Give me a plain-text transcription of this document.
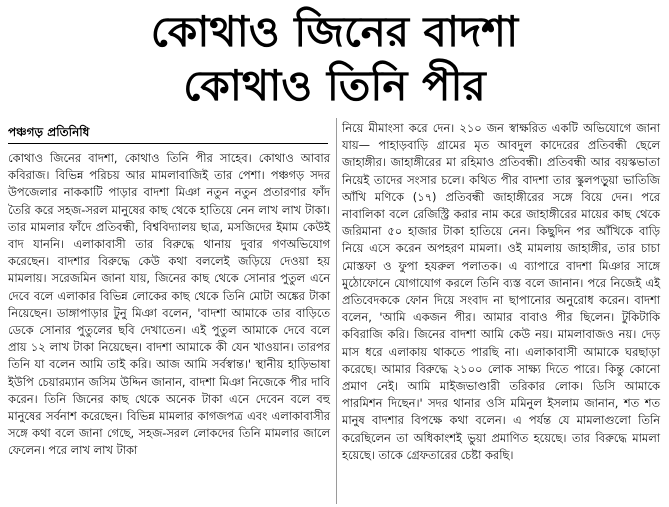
কোথাও জিনের বাদশা
কোথাও তিনি পীর
পঞ্চগড় প্রতিনিধি

কোথাও জিনের বাদশা, কোথাও তিনি পীর সাহেব। কোথাও আবার কবিরাজ। বিভিন্ন পরিচয় আর মামলাবাজিই তার পেশা। পঞ্চগড় সদর উপজেলার নাককাটি পাড়ার বাদশা মিঞা নতুন নতুন প্রতারণার ফাঁদ তৈরি করে সহজ-সরল মানুষের কাছ থেকে হাতিয়ে নেন লাখ লাখ টাকা। তার মামলার ফাঁদে প্রতিবন্ধী, বিশ্ববিদ্যালয় ছাত্র, মসজিদের ইমাম কেউই বাদ যাননি। এলাকাবাসী তার বিরুদ্ধে থানায় দুবার গণঅভিযোগ করেছেন। বাদশার বিরুদ্ধে কেউ কথা বললেই জড়িয়ে দেওয়া হয় মামলায়। সরেজমিন জানা যায়, জিনের কাছ থেকে সোনার পুতুল এনে দেবে বলে এলাকার বিভিন্ন লোকের কাছ থেকে তিনি মোটা অঙ্কের টাকা নিয়েছেন। ডাঙ্গাপাড়ার টুনু মিঞা বলেন, 'বাদশা আমাকে তার বাড়িতে ডেকে সোনার পুতুলের ছবি দেখাতেন। এই পুতুল আমাকে দেবে বলে প্রায় ১২ লাখ টাকা নিয়েছেন। বাদশা আমাকে কী যেন খাওয়ান। তারপর তিনি যা বলেন আমি তাই করি। আজ আমি সর্বস্বান্ত।' স্থানীয় হাড়িভাষা ইউপি চেয়ারম্যান জসিম উদ্দিন জানান, বাদশা মিঞা নিজেকে পীর দাবি করেন। তিনি জিনের কাছ থেকে অনেক টাকা এনে দেবেন বলে বহু মানুষের সর্বনাশ করেছেন। বিভিন্ন মামলার কাগজপত্র এবং এলাকাবাসীর সঙ্গে কথা বলে জানা গেছে, সহজ-সরল লোকদের তিনি মামলার জালে ফেলেন। পরে লাখ লাখ টাকা

নিয়ে মীমাংসা করে দেন। ২১০ জন স্বাক্ষরিত একটি অভিযোগে জানা যায়— পাহাড়বাড়ি গ্রামের মৃত আবদুল কাদেরের প্রতিবন্ধী ছেলে জাহাঙ্গীর। জাহাঙ্গীরের মা রহিমাও প্রতিবন্ধী। প্রতিবন্ধী আর বয়স্কভাতা নিয়েই তাদের সংসার চলে। কথিত পীর বাদশা তার স্কুলপড়ুয়া ভাতিজি আঁখি মণিকে (১৭) প্রতিবন্ধী জাহাঙ্গীরের সঙ্গে বিয়ে দেন। পরে নাবালিকা বলে রেজিস্ট্রি করার নাম করে জাহাঙ্গীরের মায়ের কাছ থেকে জরিমানা ৫০ হাজার টাকা হাতিয়ে নেন। কিছুদিন পর আঁখিকে বাড়ি নিয়ে এসে করেন অপহরণ মামলা। ওই মামলায় জাহাঙ্গীর, তার চাচা মোস্তফা ও ফুপা হযরুল পলাতক। এ ব্যাপারে বাদশা মিঞার সাঙ্গে মুঠোফোনে যোগাযোগ করলে তিনি ব্যস্ত বলে জানান। পরে নিজেই এই প্রতিবেদককে ফোন দিয়ে সংবাদ না ছাপানোর অনুরোধ করেন। বাদশা বলেন, 'আমি একজন পীর। আমার বাবাও পীর ছিলেন। টুকিটাকি কবিরাজি করি। জিনের বাদশা আমি কেউ নয়। মামলাবাজও নয়। দেড় মাস ধরে এলাকায় থাকতে পারছি না। এলাকাবাসী আমাকে ঘরছাড়া করেছে। আমার বিরুদ্ধে ২১০০ লোক সাক্ষ্য দিতে পারে। কিন্তু কোনো প্রমাণ নেই। আমি মাইজভাণ্ডারী তরিকার লোক। ডিসি আমাকে পারমিশন দিছেন।' সদর থানার ওসি মমিনুল ইসলাম জানান, শত শত মানুষ বাদশার বিপক্ষে কথা বলেন। এ পর্যন্ত যে মামলাগুলো তিনি করেছিলেন তা অধিকাংশই ভুয়া প্রমাণিত হয়েছে। তার বিরুদ্ধে মামলা হয়েছে। তাকে গ্রেফতারের চেষ্টা করছি।
